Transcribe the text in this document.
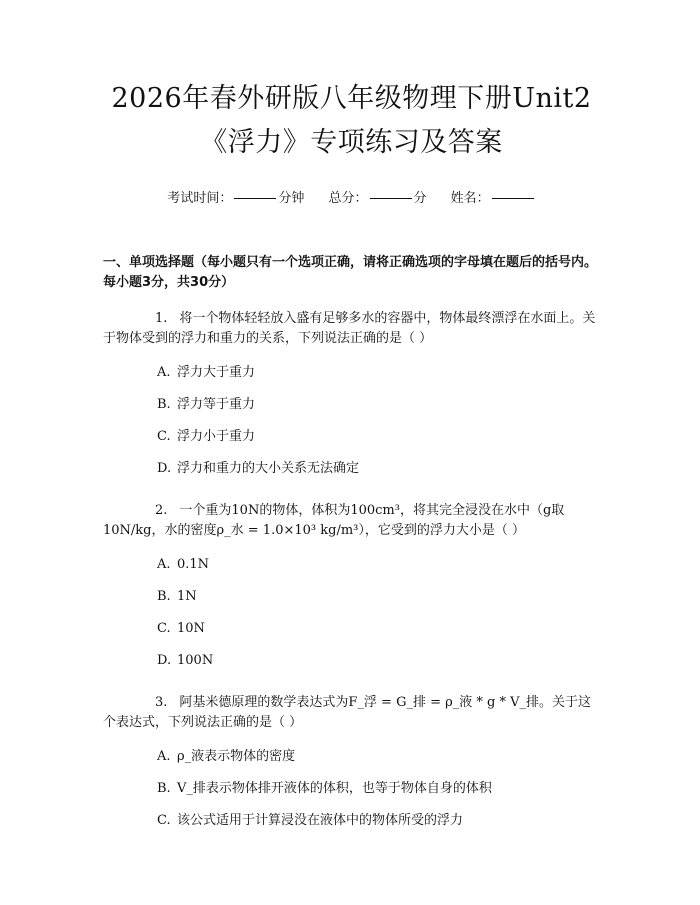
2026年春外研版八年级物理下册Unit2《浮力》专项练习及答案
考试时间：	分钟 总分：	分 姓名：
一、单项选择题（每小题只有一个选项正确，请将正确选项的字母填在题后的括号内。每小题3分，共30分）
1. 将一个物体轻轻放入盛有足够多水的容器中，物体最终漂浮在水面上。关于物体受到的浮力和重力的关系，下列说法正确的是（ ）
A. 浮力大于重力
B. 浮力等于重力
C. 浮力小于重力
D. 浮力和重力的大小关系无法确定
2. 一个重为10N的物体，体积为100cm³，将其完全浸没在水中（g取10N/kg，水的密度ρ_水 = 1.0×10³ kg/m³），它受到的浮力大小是（ ）
A. 0.1N
B. 1N
C. 10N
D. 100N
3. 阿基米德原理的数学表达式为F_浮 = G_排 = ρ_液 * g * V_排。关于这个表达式，下列说法正确的是（ ）
A. ρ_液表示物体的密度
B. V_排表示物体排开液体的体积，也等于物体自身的体积
C. 该公式适用于计算浸没在液体中的物体所受的浮力
